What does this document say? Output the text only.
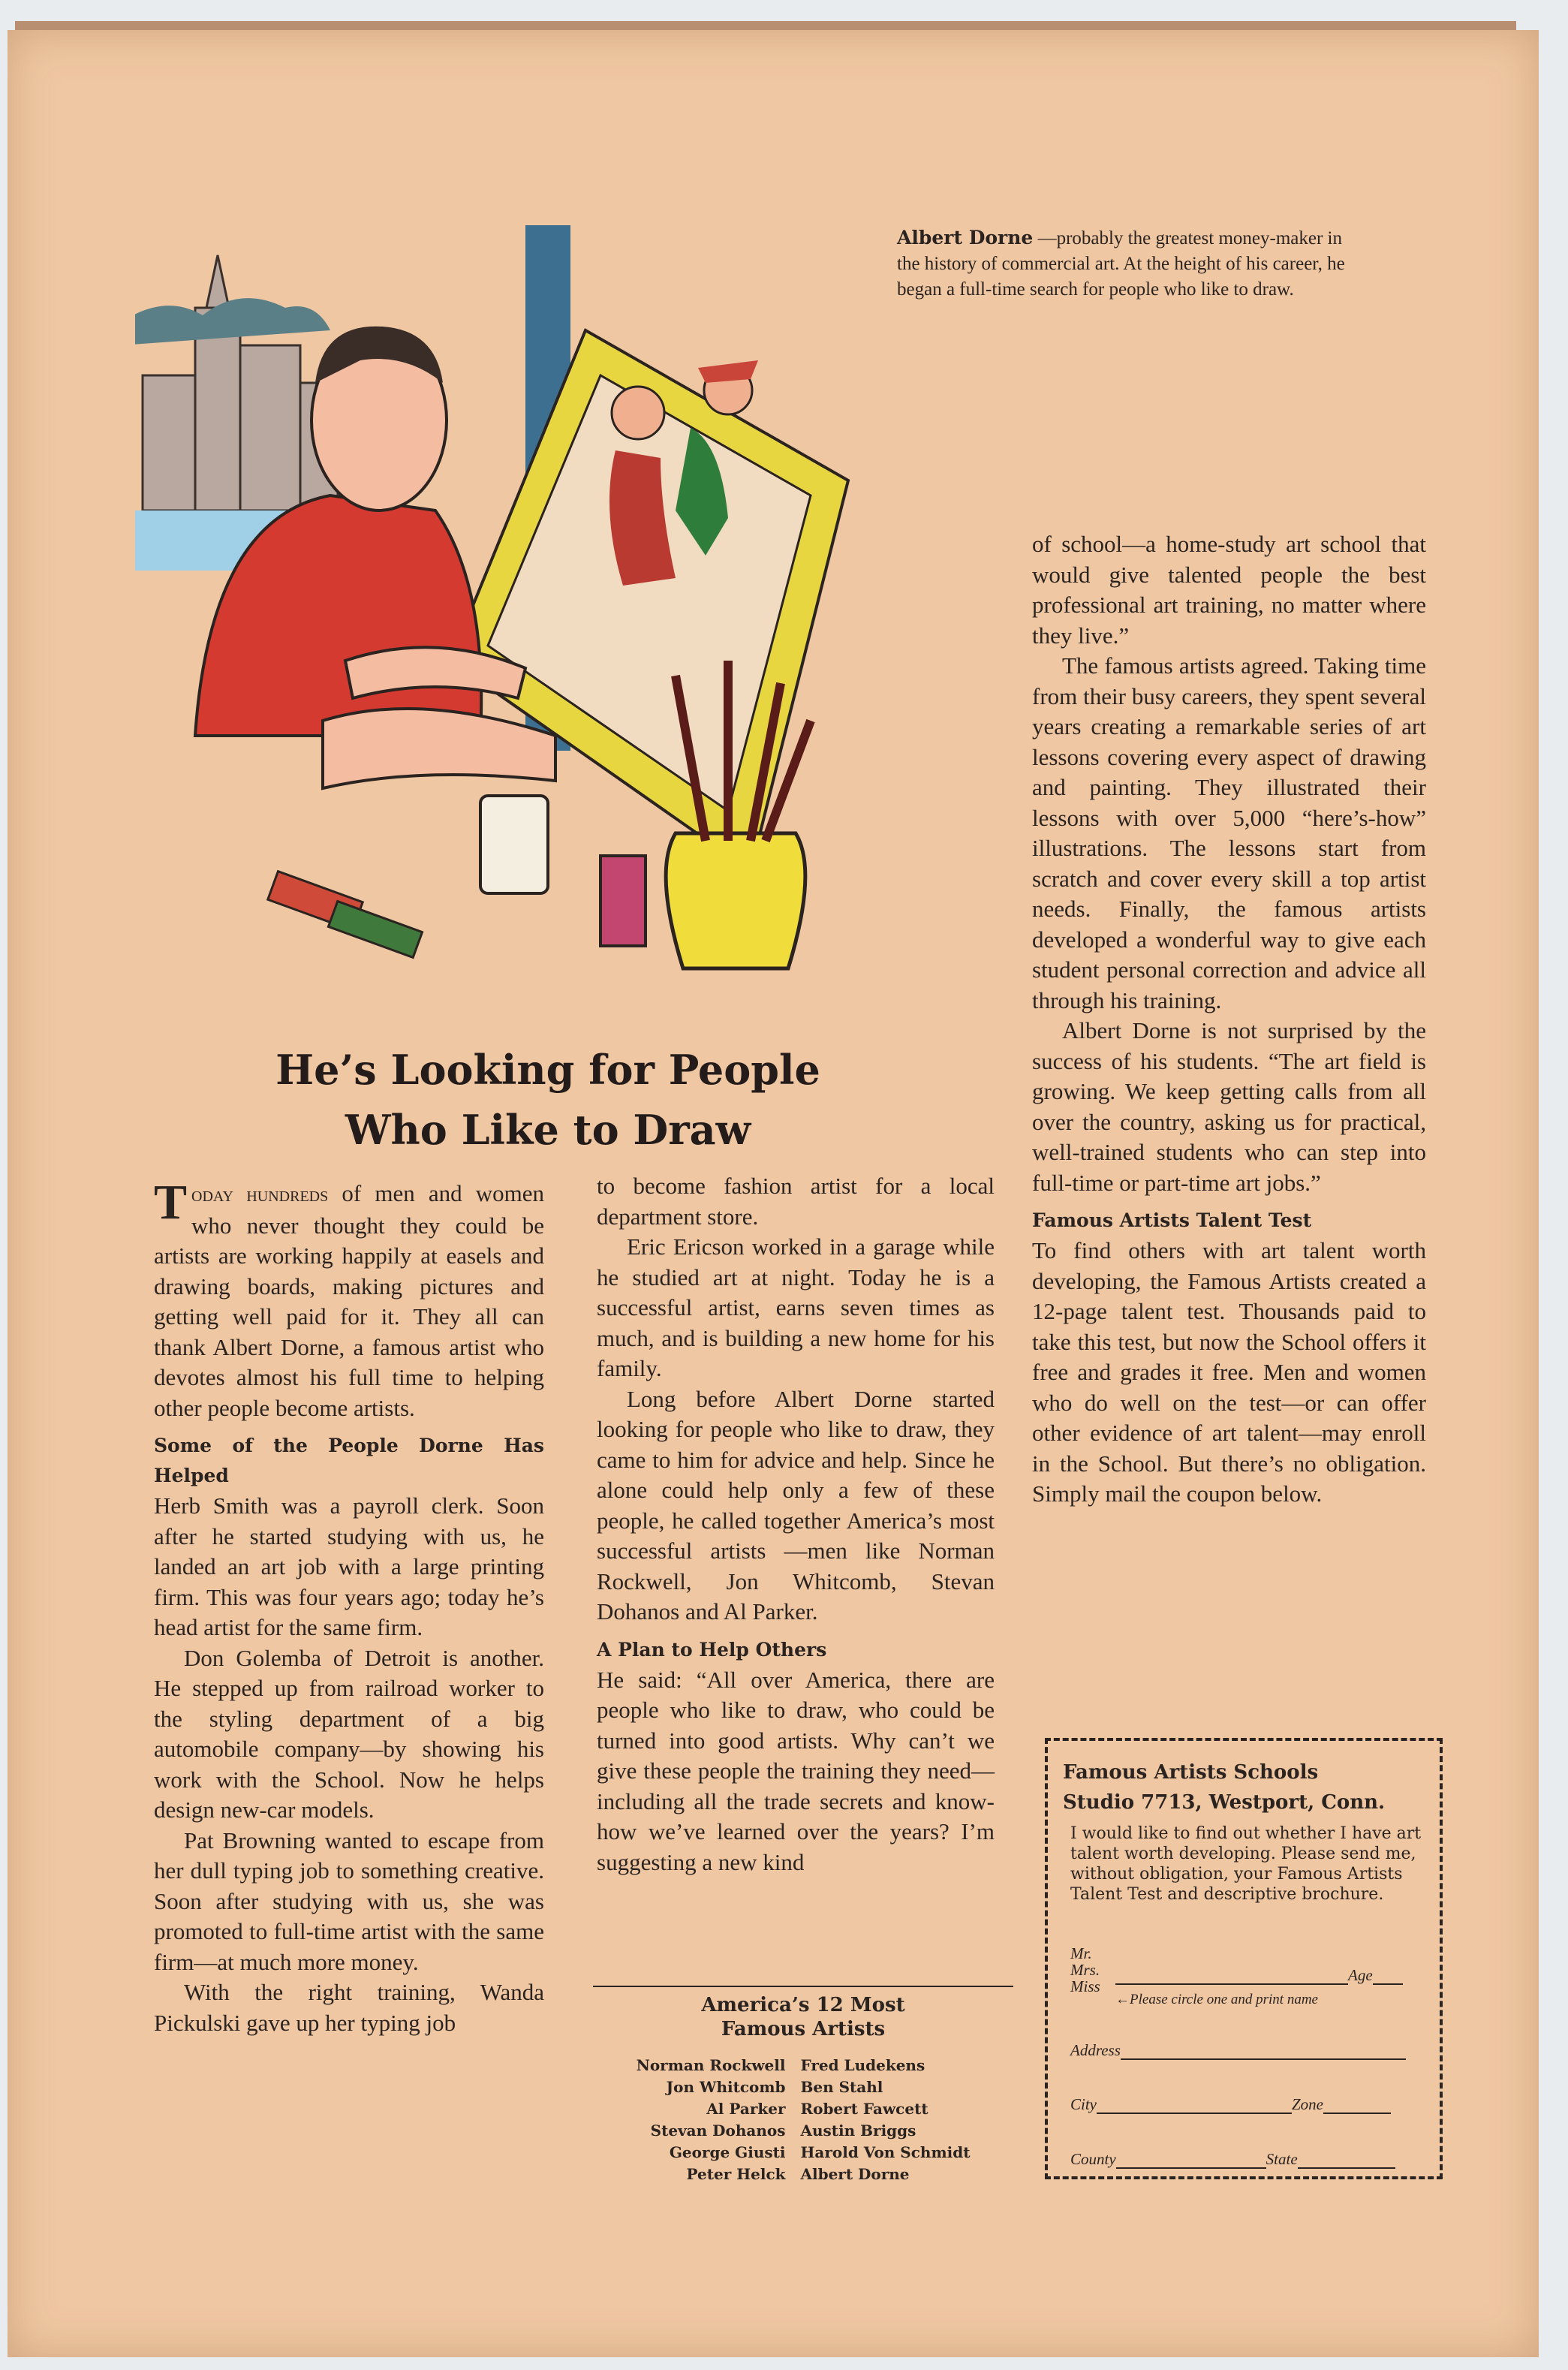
Albert Dorne —probably the greatest money-maker in the history of commercial art. At the height of his career, he began a full-time search for people who like to draw.
He’s Looking for People
Who Like to Draw

Today hundreds of men and women who never thought they could be artists are working happily at easels and drawing boards, making pictures and getting well paid for it. They all can thank Albert Dorne, a famous artist who devotes almost his full time to helping other people become artists.

Some of the People Dorne Has Helped

Herb Smith was a payroll clerk. Soon after he started studying with us, he landed an art job with a large printing firm. This was four years ago; today he’s head artist for the same firm.

Don Golemba of Detroit is another. He stepped up from railroad worker to the styling department of a big automobile company—by showing his work with the School. Now he helps design new-car models.

Pat Browning wanted to escape from her dull typing job to something creative. Soon after studying with us, she was promoted to full-time artist with the same firm—at much more money.

With the right training, Wanda Pickulski gave up her typing job

to become fashion artist for a local department store.

Eric Ericson worked in a garage while he studied art at night. Today he is a successful artist, earns seven times as much, and is building a new home for his family.

Long before Albert Dorne started looking for people who like to draw, they came to him for advice and help. Since he alone could help only a few of these people, he called together America’s most successful artists —men like Norman Rockwell, Jon Whitcomb, Stevan Dohanos and Al Parker.

A Plan to Help Others

He said: “All over America, there are people who like to draw, who could be turned into good artists. Why can’t we give these people the training they need—including all the trade secrets and know-how we’ve learned over the years? I’m suggesting a new kind

of school—a home-study art school that would give talented people the best professional art training, no matter where they live.”

The famous artists agreed. Taking time from their busy careers, they spent several years creating a remarkable series of art lessons covering every aspect of drawing and painting. They illustrated their lessons with over 5,000 “here’s-how” illustrations. The lessons start from scratch and cover every skill a top artist needs. Finally, the famous artists developed a wonderful way to give each student personal correction and advice all through his training.

Albert Dorne is not surprised by the success of his students. “The art field is growing. We keep getting calls from all over the country, asking us for practical, well-trained students who can step into full-time or part-time art jobs.”

Famous Artists Talent Test

To find others with art talent worth developing, the Famous Artists created a 12-page talent test. Thousands paid to take this test, but now the School offers it free and grades it free. Men and women who do well on the test—or can offer other evidence of art talent—may enroll in the School. But there’s no obligation. Simply mail the coupon below.

America’s 12 Most
Famous Artists
Norman Rockwell	Fred Ludekens
Jon Whitcomb	Ben Stahl
Al Parker	Robert Fawcett
Stevan Dohanos	Austin Briggs
George Giusti	Harold Von Schmidt
Peter Helck	Albert Dorne
Famous Artists Schools
Studio 7713, Westport, Conn.
I would like to find out whether I have art talent worth developing. Please send me, without obligation, your Famous Artists Talent Test and descriptive brochure.
Mr.
Mrs.
Miss
Age
←Please circle one and print name
Address
City	Zone
County	State
